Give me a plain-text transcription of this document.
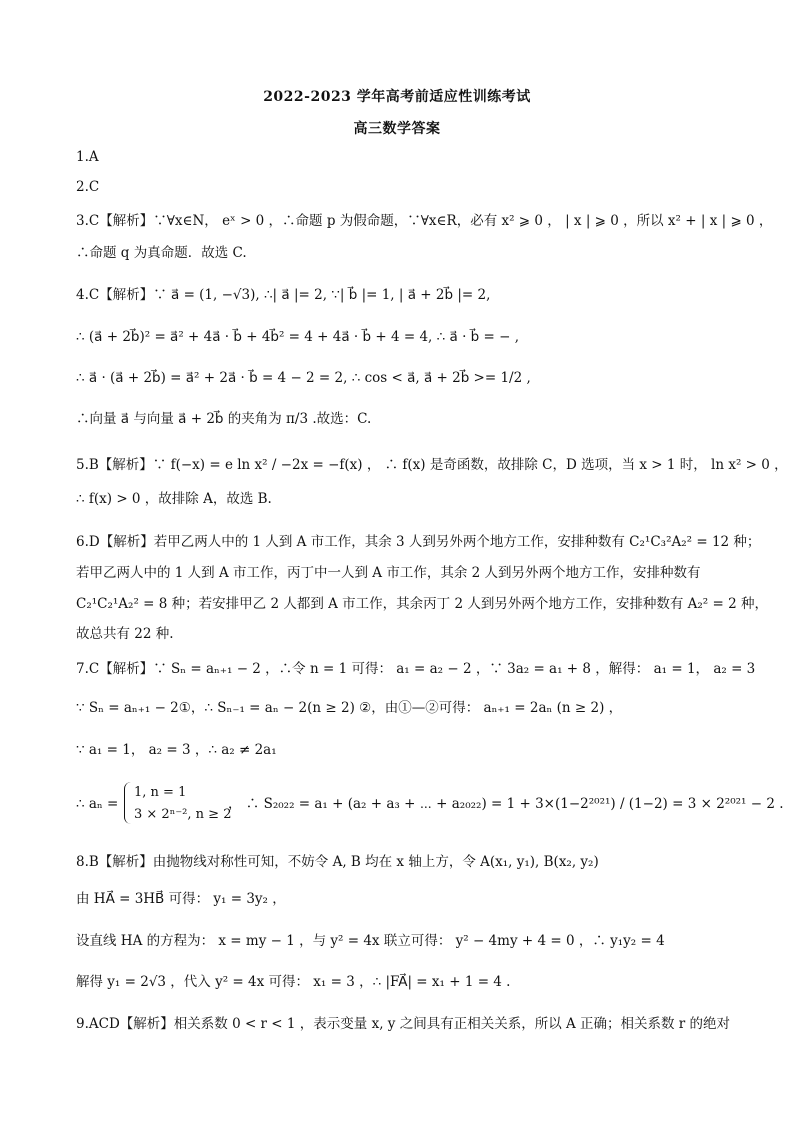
2022-2023 学年高考前适应性训练考试
高三数学答案
1.A
2.C
3.C【解析】∵∀x∈N， eˣ > 0 ，∴命题 p 为假命题，∵∀x∈R，必有 x² ⩾ 0 ， | x | ⩾ 0 ，所以 x² + | x | ⩾ 0 ，
∴命题 q 为真命题．故选 C.
4.C【解析】∵ a⃗ = (1, −√3), ∴| a⃗ |= 2, ∵| b⃗ |= 1, | a⃗ + 2b⃗ |= 2,
∴ (a⃗ + 2b⃗)² = a⃗² + 4a⃗ · b⃗ + 4b⃗² = 4 + 4a⃗ · b⃗ + 4 = 4, ∴ a⃗ · b⃗ = − ,
∴ a⃗ · (a⃗ + 2b⃗) = a⃗² + 2a⃗ · b⃗ = 4 − 2 = 2, ∴ cos < a⃗, a⃗ + 2b⃗ >= 1/2 ,
∴向量 a⃗ 与向量 a⃗ + 2b⃗ 的夹角为 π/3 .故选：C.
5.B【解析】∵ f(−x) = e ln x² / −2x = −f(x) ， ∴ f(x) 是奇函数，故排除 C，D 选项，当 x > 1 时， ln x² > 0 ，
∴ f(x) > 0 ，故排除 A，故选 B.
6.D【解析】若甲乙两人中的 1 人到 A 市工作，其余 3 人到另外两个地方工作，安排种数有 C₂¹C₃²A₂² = 12 种；
若甲乙两人中的 1 人到 A 市工作，丙丁中一人到 A 市工作，其余 2 人到另外两个地方工作，安排种数有
C₂¹C₂¹A₂² = 8 种；若安排甲乙 2 人都到 A 市工作，其余丙丁 2 人到另外两个地方工作，安排种数有 A₂² = 2 种，
故总共有 22 种.
7.C【解析】∵ Sₙ = aₙ₊₁ − 2 ，∴令 n = 1 可得： a₁ = a₂ − 2 ，∵ 3a₂ = a₁ + 8 ，解得： a₁ = 1， a₂ = 3
∵ Sₙ = aₙ₊₁ − 2①，∴ Sₙ₋₁ = aₙ − 2(n ≥ 2) ②，由①—②可得： aₙ₊₁ = 2aₙ (n ≥ 2) ，
∵ a₁ = 1， a₂ = 3 ，∴ a₂ ≠ 2a₁
∴ aₙ =
1, n = 1
3 × 2ⁿ⁻², n ≥ 2
， ∴ S₂₀₂₂ = a₁ + (a₂ + a₃ + ⋯ + a₂₀₂₂) = 1 + 3×(1−2²⁰²¹) / (1−2) = 3 × 2²⁰²¹ − 2 .
8.B【解析】由抛物线对称性可知，不妨令 A, B 均在 x 轴上方，令 A(x₁, y₁), B(x₂, y₂)
由 HA⃗ = 3HB⃗ 可得： y₁ = 3y₂ ，
设直线 HA 的方程为： x = my − 1 ，与 y² = 4x 联立可得： y² − 4my + 4 = 0 ，∴ y₁y₂ = 4
解得 y₁ = 2√3 ，代入 y² = 4x 可得： x₁ = 3 ，∴ |FA⃗| = x₁ + 1 = 4 .
9.ACD【解析】相关系数 0 < r < 1 ，表示变量 x, y 之间具有正相关关系，所以 A 正确；相关系数 r 的绝对
